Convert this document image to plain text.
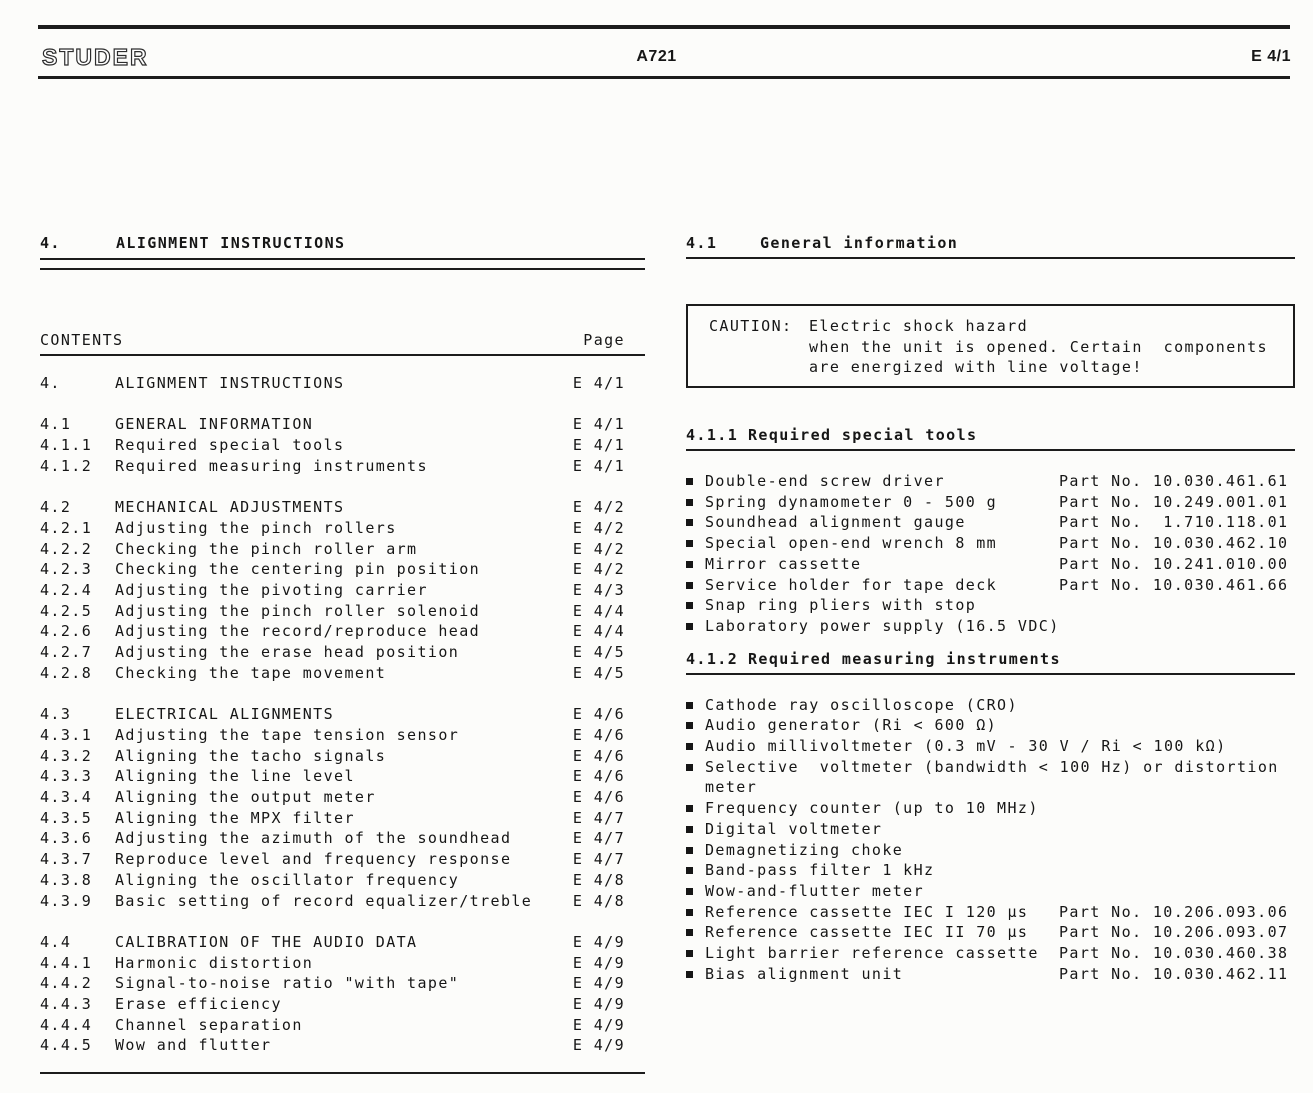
STUDER	A721	E 4/1
4.	ALIGNMENT INSTRUCTIONS
CONTENTS	Page
4.	ALIGNMENT INSTRUCTIONS	E 4/1
4.1	GENERAL INFORMATION	E 4/1
4.1.1	Required special tools	E 4/1
4.1.2	Required measuring instruments	E 4/1
4.2	MECHANICAL ADJUSTMENTS	E 4/2
4.2.1	Adjusting the pinch rollers	E 4/2
4.2.2	Checking the pinch roller arm	E 4/2
4.2.3	Checking the centering pin position	E 4/2
4.2.4	Adjusting the pivoting carrier	E 4/3
4.2.5	Adjusting the pinch roller solenoid	E 4/4
4.2.6	Adjusting the record/reproduce head	E 4/4
4.2.7	Adjusting the erase head position	E 4/5
4.2.8	Checking the tape movement	E 4/5
4.3	ELECTRICAL ALIGNMENTS	E 4/6
4.3.1	Adjusting the tape tension sensor	E 4/6
4.3.2	Aligning the tacho signals	E 4/6
4.3.3	Aligning the line level	E 4/6
4.3.4	Aligning the output meter	E 4/6
4.3.5	Aligning the MPX filter	E 4/7
4.3.6	Adjusting the azimuth of the soundhead	E 4/7
4.3.7	Reproduce level and frequency response	E 4/7
4.3.8	Aligning the oscillator frequency	E 4/8
4.3.9	Basic setting of record equalizer/treble	E 4/8
4.4	CALIBRATION OF THE AUDIO DATA	E 4/9
4.4.1	Harmonic distortion	E 4/9
4.4.2	Signal-to-noise ratio "with tape"	E 4/9
4.4.3	Erase efficiency	E 4/9
4.4.4	Channel separation	E 4/9
4.4.5	Wow and flutter	E 4/9
4.1	General information
CAUTION:	Electric shock hazard
when the unit is opened. Certain  components
are energized with line voltage!
4.1.1 Required special tools
Double-end screw driver	Part No. 10.030.461.61
Spring dynamometer 0 - 500 g	Part No. 10.249.001.01
Soundhead alignment gauge	Part No.  1.710.118.01
Special open-end wrench 8 mm	Part No. 10.030.462.10
Mirror cassette	Part No. 10.241.010.00
Service holder for tape deck	Part No. 10.030.461.66
Snap ring pliers with stop
Laboratory power supply (16.5 VDC)
4.1.2 Required measuring instruments
Cathode ray oscilloscope (CRO)
Audio generator (Ri < 600 Ω)
Audio millivoltmeter (0.3 mV - 30 V / Ri < 100 kΩ)
Selective  voltmeter (bandwidth < 100 Hz) or distortion meter
Frequency counter (up to 10 MHz)
Digital voltmeter
Demagnetizing choke
Band-pass filter 1 kHz
Wow-and-flutter meter
Reference cassette IEC I 120 µs	Part No. 10.206.093.06
Reference cassette IEC II 70 µs	Part No. 10.206.093.07
Light barrier reference cassette	Part No. 10.030.460.38
Bias alignment unit	Part No. 10.030.462.11
